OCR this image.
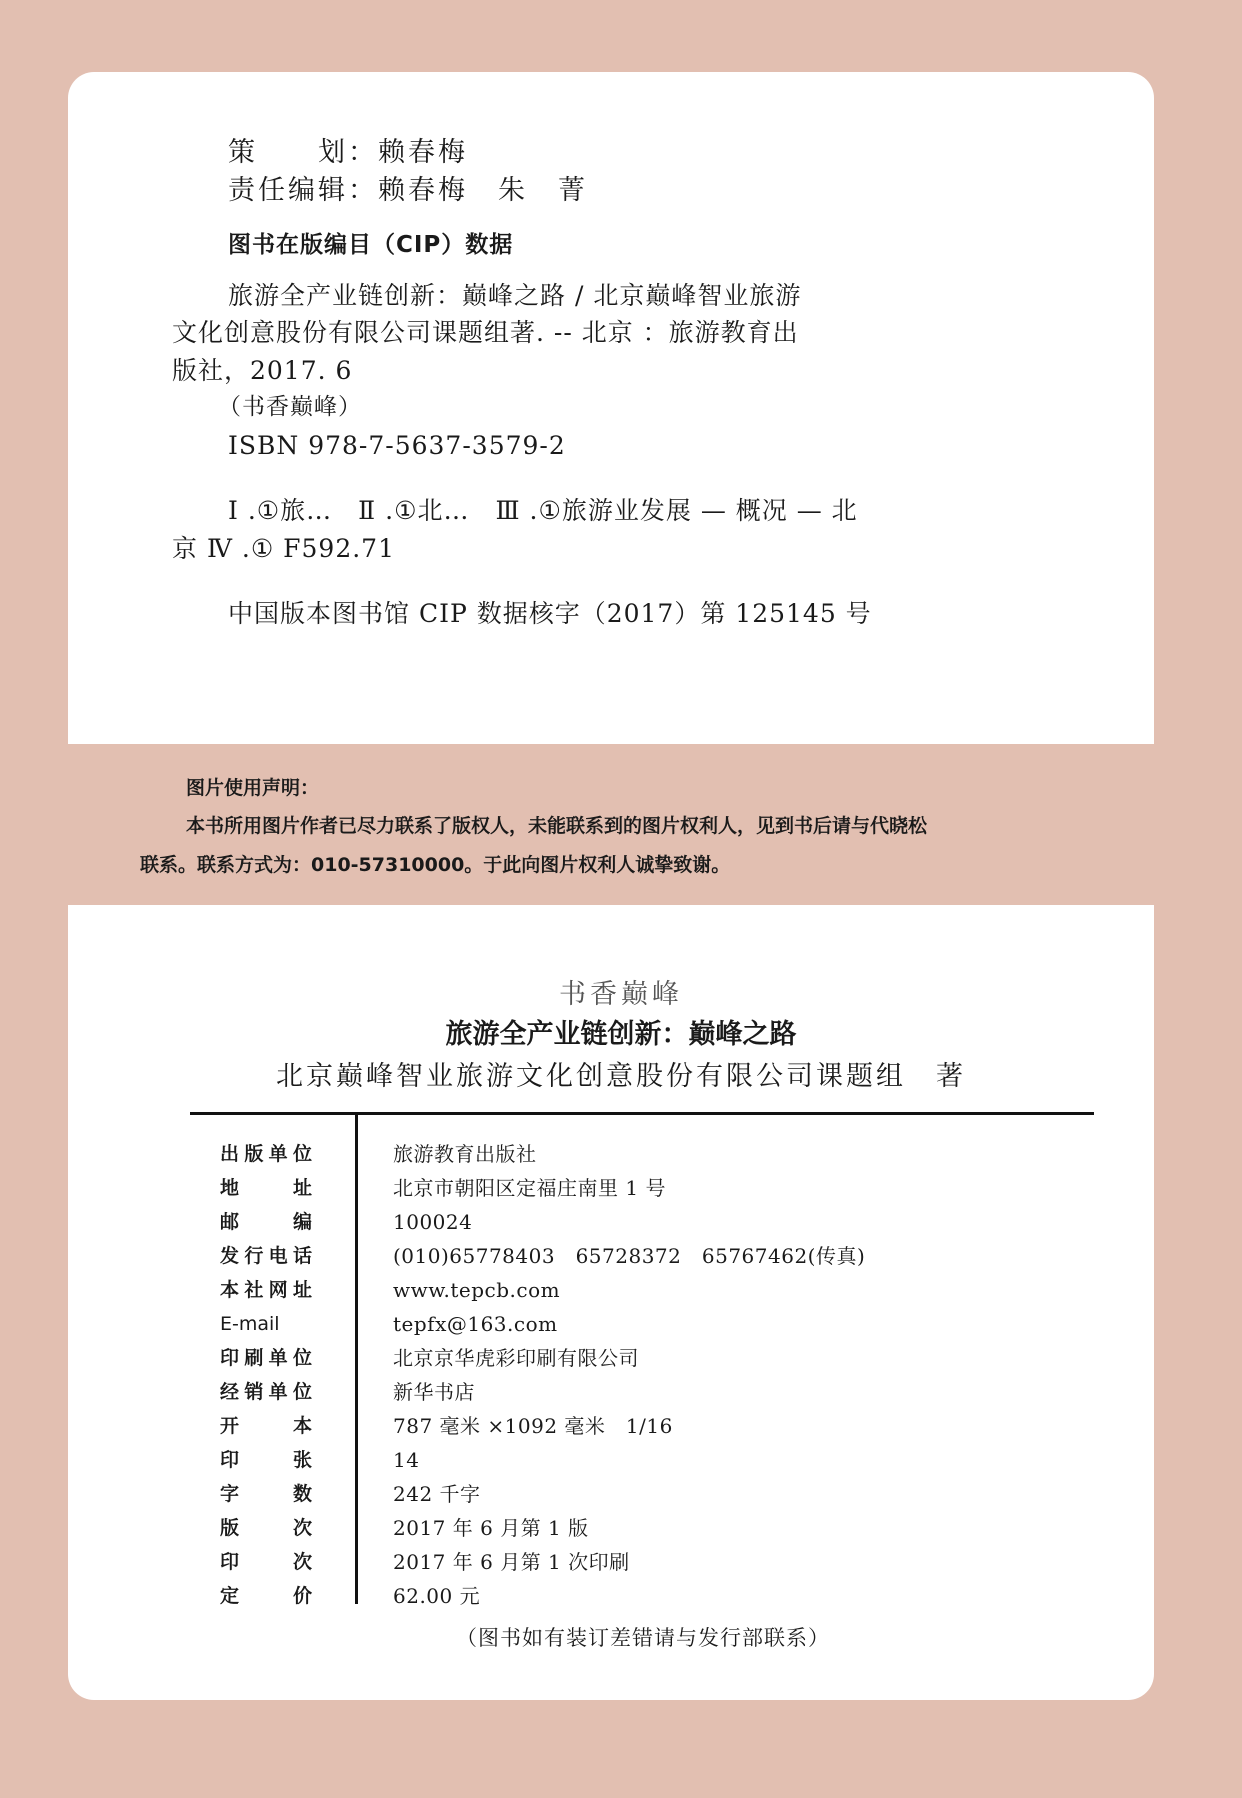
策　　划：赖春梅
责任编辑：赖春梅　朱　菁
图书在版编目（CIP）数据
旅游全产业链创新：巅峰之路 / 北京巅峰智业旅游
文化创意股份有限公司课题组著. -- 北京 ：旅游教育出
版社，2017. 6
（书香巅峰）
ISBN 978-7-5637-3579-2
Ⅰ .①旅…　Ⅱ .①北…　Ⅲ .①旅游业发展 — 概况 — 北
京 Ⅳ .① F592.71
中国版本图书馆 CIP 数据核字（2017）第 125145 号
图片使用声明：
本书所用图片作者已尽力联系了版权人，未能联系到的图片权利人，见到书后请与代晓松
联系。联系方式为：010-57310000。于此向图片权利人诚挚致谢。
书香巅峰
旅游全产业链创新：巅峰之路
北京巅峰智业旅游文化创意股份有限公司课题组　著
出版单位	旅游教育出版社
地　　址	北京市朝阳区定福庄南里 1 号
邮　　编	100024
发行电话	(010)65778403　65728372　65767462(传真)
本社网址	www.tepcb.com
E-mail	tepfx@163.com
印刷单位	北京京华虎彩印刷有限公司
经销单位	新华书店
开　　本	787 毫米 ×1092 毫米　1/16
印　　张	14
字　　数	242 千字
版　　次	2017 年 6 月第 1 版
印　　次	2017 年 6 月第 1 次印刷
定　　价	62.00 元
（图书如有装订差错请与发行部联系）
